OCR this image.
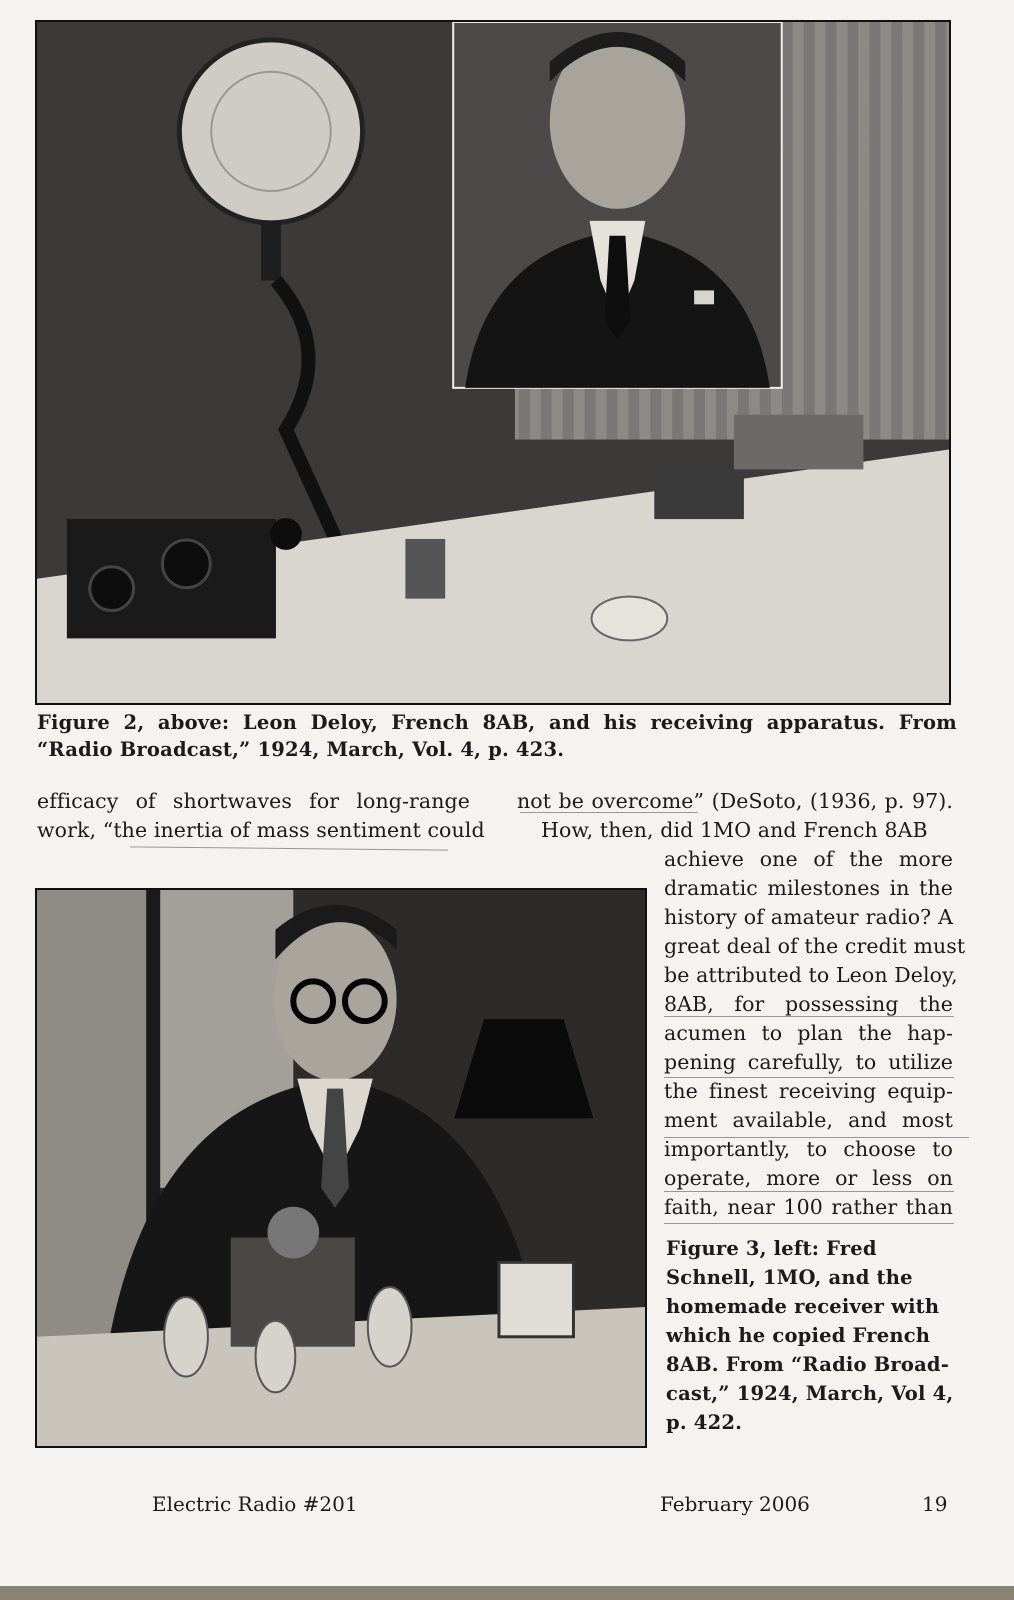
Figure 2, above: Leon Deloy, French 8AB, and his receiving apparatus. From
“Radio Broadcast,” 1924, March, Vol. 4, p. 423.
efficacy of shortwaves for long-range
work, “the inertia of mass sentiment could
not be overcome” (DeSoto, (1936, p. 97).
How, then, did 1MO and French 8AB
achieve one of the more
dramatic milestones in the
history of amateur radio? A
great deal of the credit must
be attributed to Leon Deloy,
8AB, for possessing the
acumen to plan the hap-
pening carefully, to utilize
the finest receiving equip-
ment available, and most
importantly, to choose to
operate, more or less on
faith, near 100 rather than
Figure 3, left: Fred
Schnell, 1MO, and the
homemade receiver with
which he copied French
8AB. From “Radio Broad-
cast,” 1924, March, Vol 4,
p. 422.
Electric Radio #201	February 2006	19
